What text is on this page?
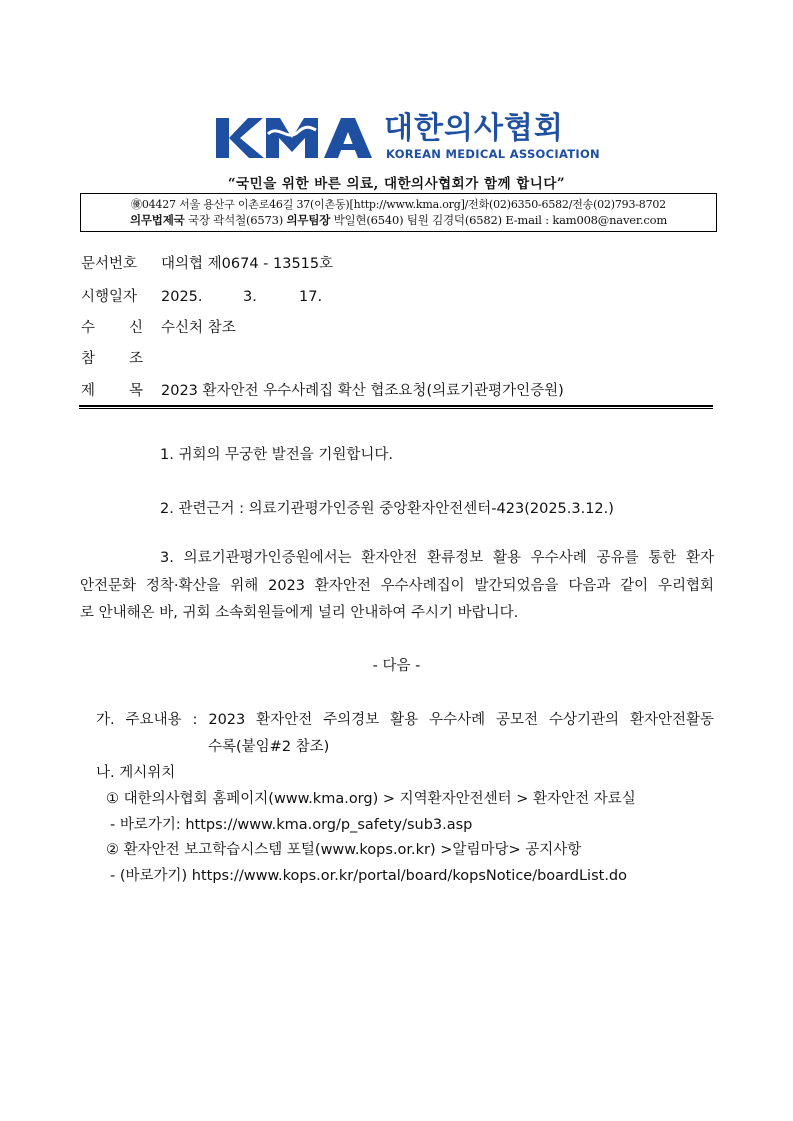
대한의사협회
KOREAN MEDICAL ASSOCIATION
“국민을 위한 바른 의료, 대한의사협회가 함께 합니다”
㊝04427 서울 용산구 이촌로46길 37(이촌동)[http://www.kma.org]/전화(02)6350-6582/전송(02)793-8702
의무법제국 국장 곽석철(6573) 의무팀장 박일현(6540) 팀원 김경덕(6582) E-mail : kam008@naver.com
문서번호 대의협 제0674 - 13515호
시행일자 2025.	3.	17.
수 신 수신처 참조
참 조
제 목 2023 환자안전 우수사례집 확산 협조요청(의료기관평가인증원)
1. 귀회의 무궁한 발전을 기원합니다.
2. 관련근거 : 의료기관평가인증원 중앙환자안전센터-423(2025.3.12.)
3. 의료기관평가인증원에서는 환자안전 환류정보 활용 우수사례 공유를 통한 환자
안전문화 정착·확산을 위해 2023 환자안전 우수사례집이 발간되었음을 다음과 같이 우리협회
로 안내해온 바, 귀회 소속회원들에게 널리 안내하여 주시기 바랍니다.
- 다음 -
가. 주요내용 : 2023 환자안전 주의경보 활용 우수사례 공모전 수상기관의 환자안전활동
수록(붙임#2 참조)
나. 게시위치
① 대한의사협회 홈페이지(www.kma.org) > 지역환자안전센터 > 환자안전 자료실
- 바로가기: https://www.kma.org/p_safety/sub3.asp
② 환자안전 보고학습시스템 포털(www.kops.or.kr) >알림마당> 공지사항
- (바로가기) https://www.kops.or.kr/portal/board/kopsNotice/boardList.do
